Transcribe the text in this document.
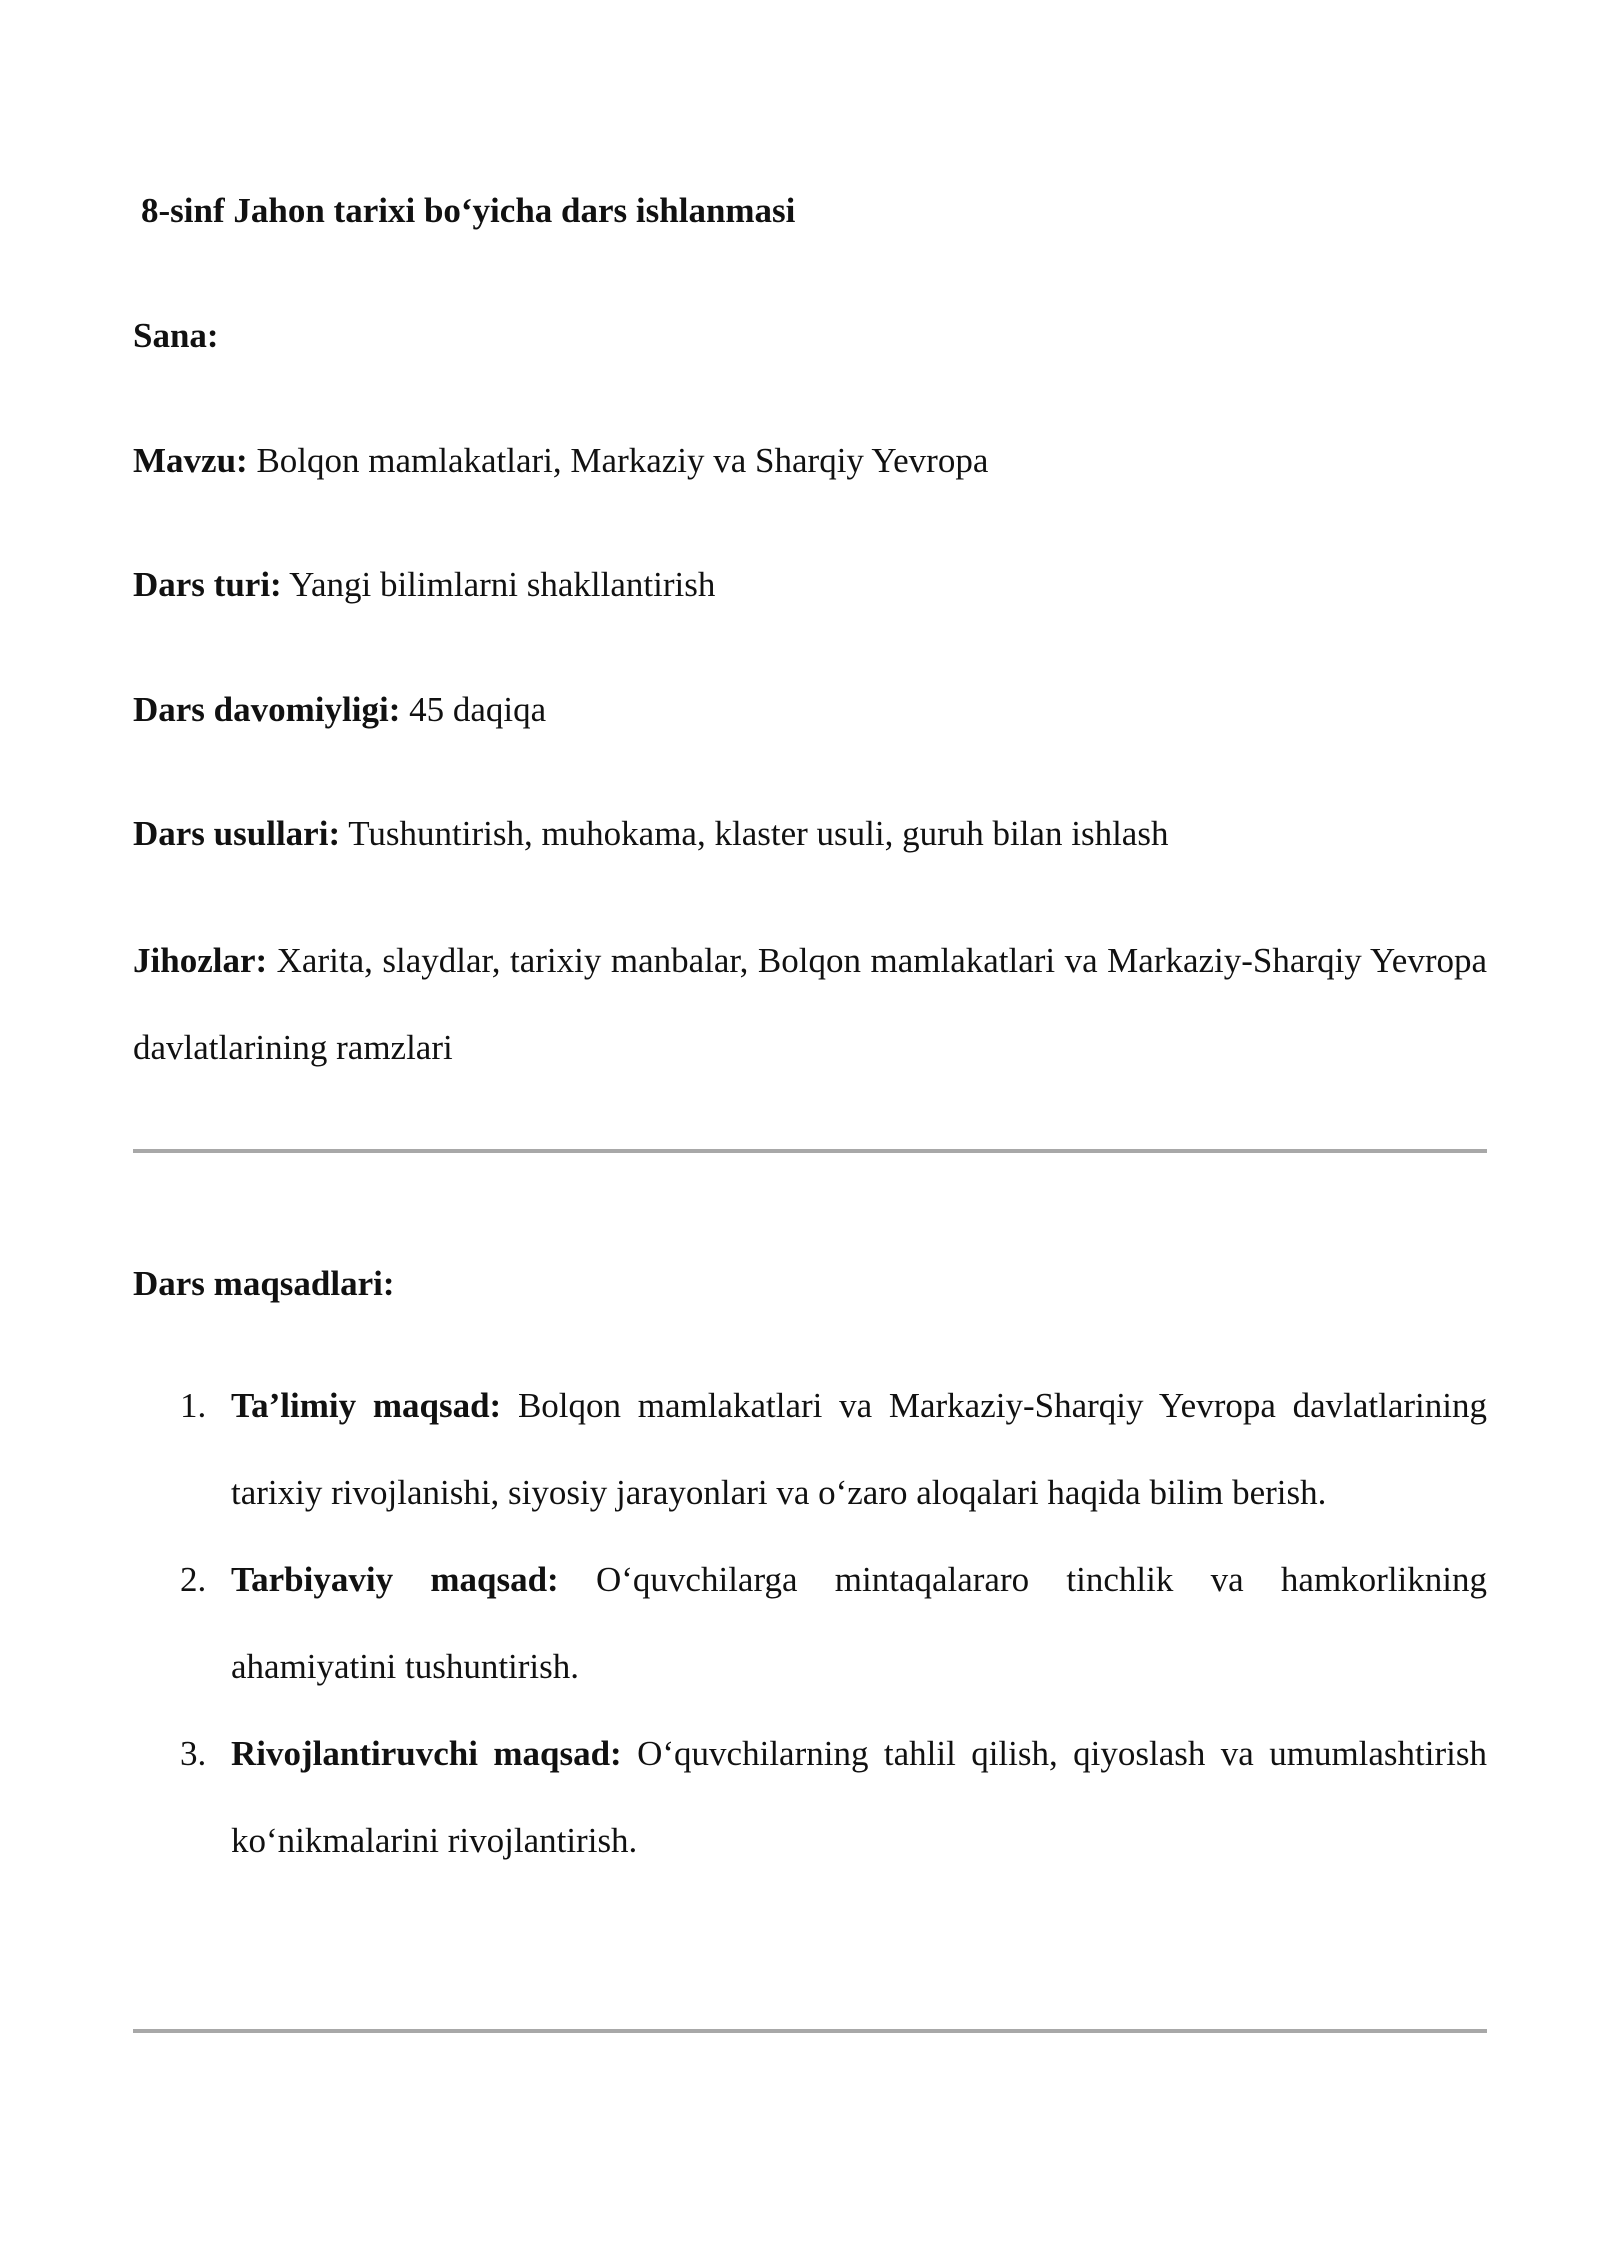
8-sinf Jahon tarixi bo‘yicha dars ishlanmasi
Sana:
Mavzu: Bolqon mamlakatlari, Markaziy va Sharqiy Yevropa
Dars turi: Yangi bilimlarni shakllantirish
Dars davomiyligi: 45 daqiqa
Dars usullari: Tushuntirish, muhokama, klaster usuli, guruh bilan ishlash
Jihozlar: Xarita, slaydlar, tarixiy manbalar, Bolqon mamlakatlari va Markaziy-Sharqiy Yevropa davlatlarining ramzlari
Dars maqsadlari:
1. Ta’limiy maqsad: Bolqon mamlakatlari va Markaziy-Sharqiy Yevropa davlatlarining tarixiy rivojlanishi, siyosiy jarayonlari va o‘zaro aloqalari haqida bilim berish.
2. Tarbiyaviy maqsad: O‘quvchilarga mintaqalararo tinchlik va hamkorlikning ahamiyatini tushuntirish.
3. Rivojlantiruvchi maqsad: O‘quvchilarning tahlil qilish, qiyoslash va umumlashtirish ko‘nikmalarini rivojlantirish.
